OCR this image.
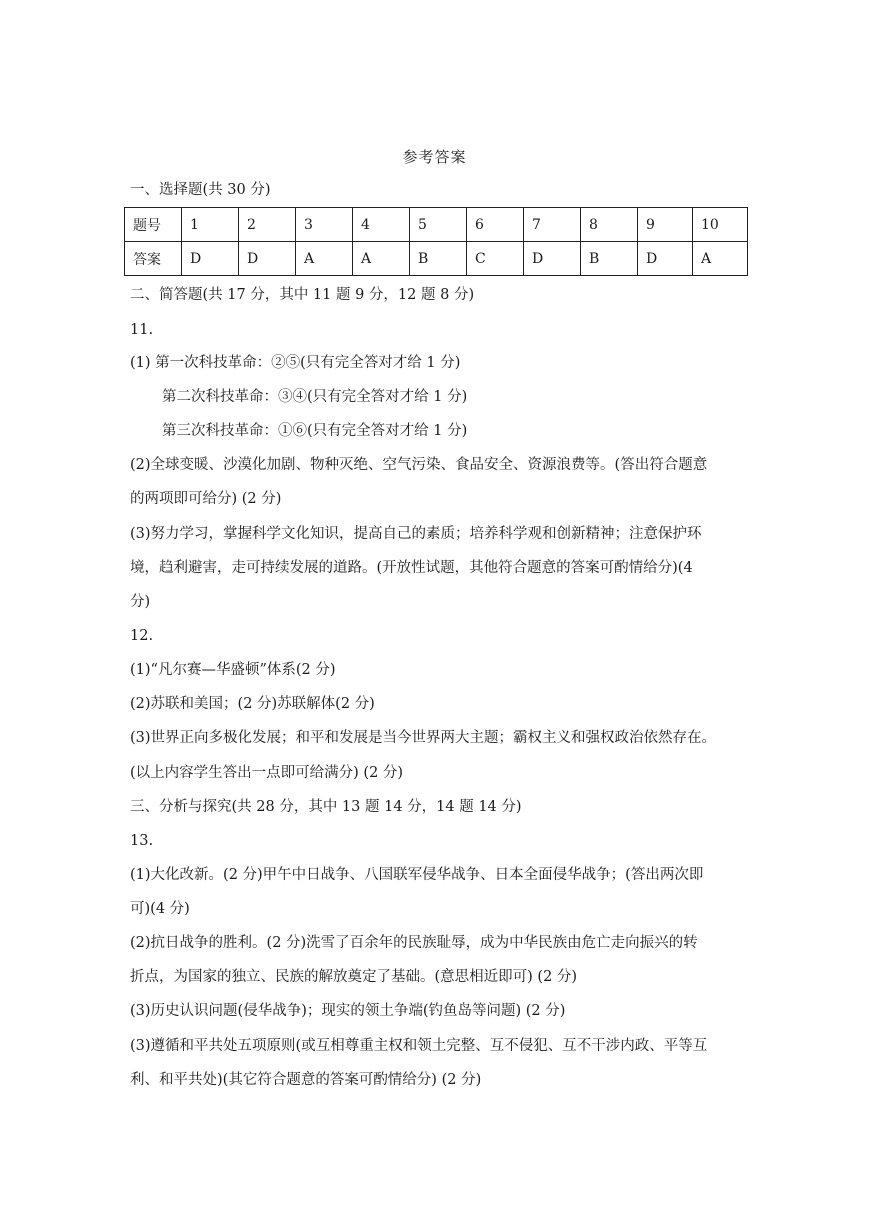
参考答案
一、选择题(共 30 分)
题号	1	2	3	4	5	6	7	8	9	10
答案	D	D	A	A	B	C	D	B	D	A
二、简答题(共 17 分，其中 11 题 9 分，12 题 8 分)
11.
(1) 第一次科技革命：②⑤(只有完全答对才给 1 分)
第二次科技革命：③④(只有完全答对才给 1 分)
第三次科技革命：①⑥(只有完全答对才给 1 分)
(2)全球变暖、沙漠化加剧、物种灭绝、空气污染、食品安全、资源浪费等。(答出符合题意
的两项即可给分) (2 分)
(3)努力学习，掌握科学文化知识，提高自己的素质；培养科学观和创新精神；注意保护环
境，趋利避害，走可持续发展的道路。(开放性试题，其他符合题意的答案可酌情给分)(4
分)
12.
(1)“凡尔赛—华盛顿”体系(2 分)
(2)苏联和美国；(2 分)苏联解体(2 分)
(3)世界正向多极化发展；和平和发展是当今世界两大主题；霸权主义和强权政治依然存在。
(以上内容学生答出一点即可给满分) (2 分)
三、分析与探究(共 28 分，其中 13 题 14 分，14 题 14 分)
13.
(1)大化改新。(2 分)甲午中日战争、八国联军侵华战争、日本全面侵华战争；(答出两次即
可)(4 分)
(2)抗日战争的胜利。(2 分)洗雪了百余年的民族耻辱，成为中华民族由危亡走向振兴的转
折点，为国家的独立、民族的解放奠定了基础。(意思相近即可) (2 分)
(3)历史认识问题(侵华战争)；现实的领土争端(钓鱼岛等问题) (2 分)
(3)遵循和平共处五项原则(或互相尊重主权和领土完整、互不侵犯、互不干涉内政、平等互
利、和平共处)(其它符合题意的答案可酌情给分) (2 分)
